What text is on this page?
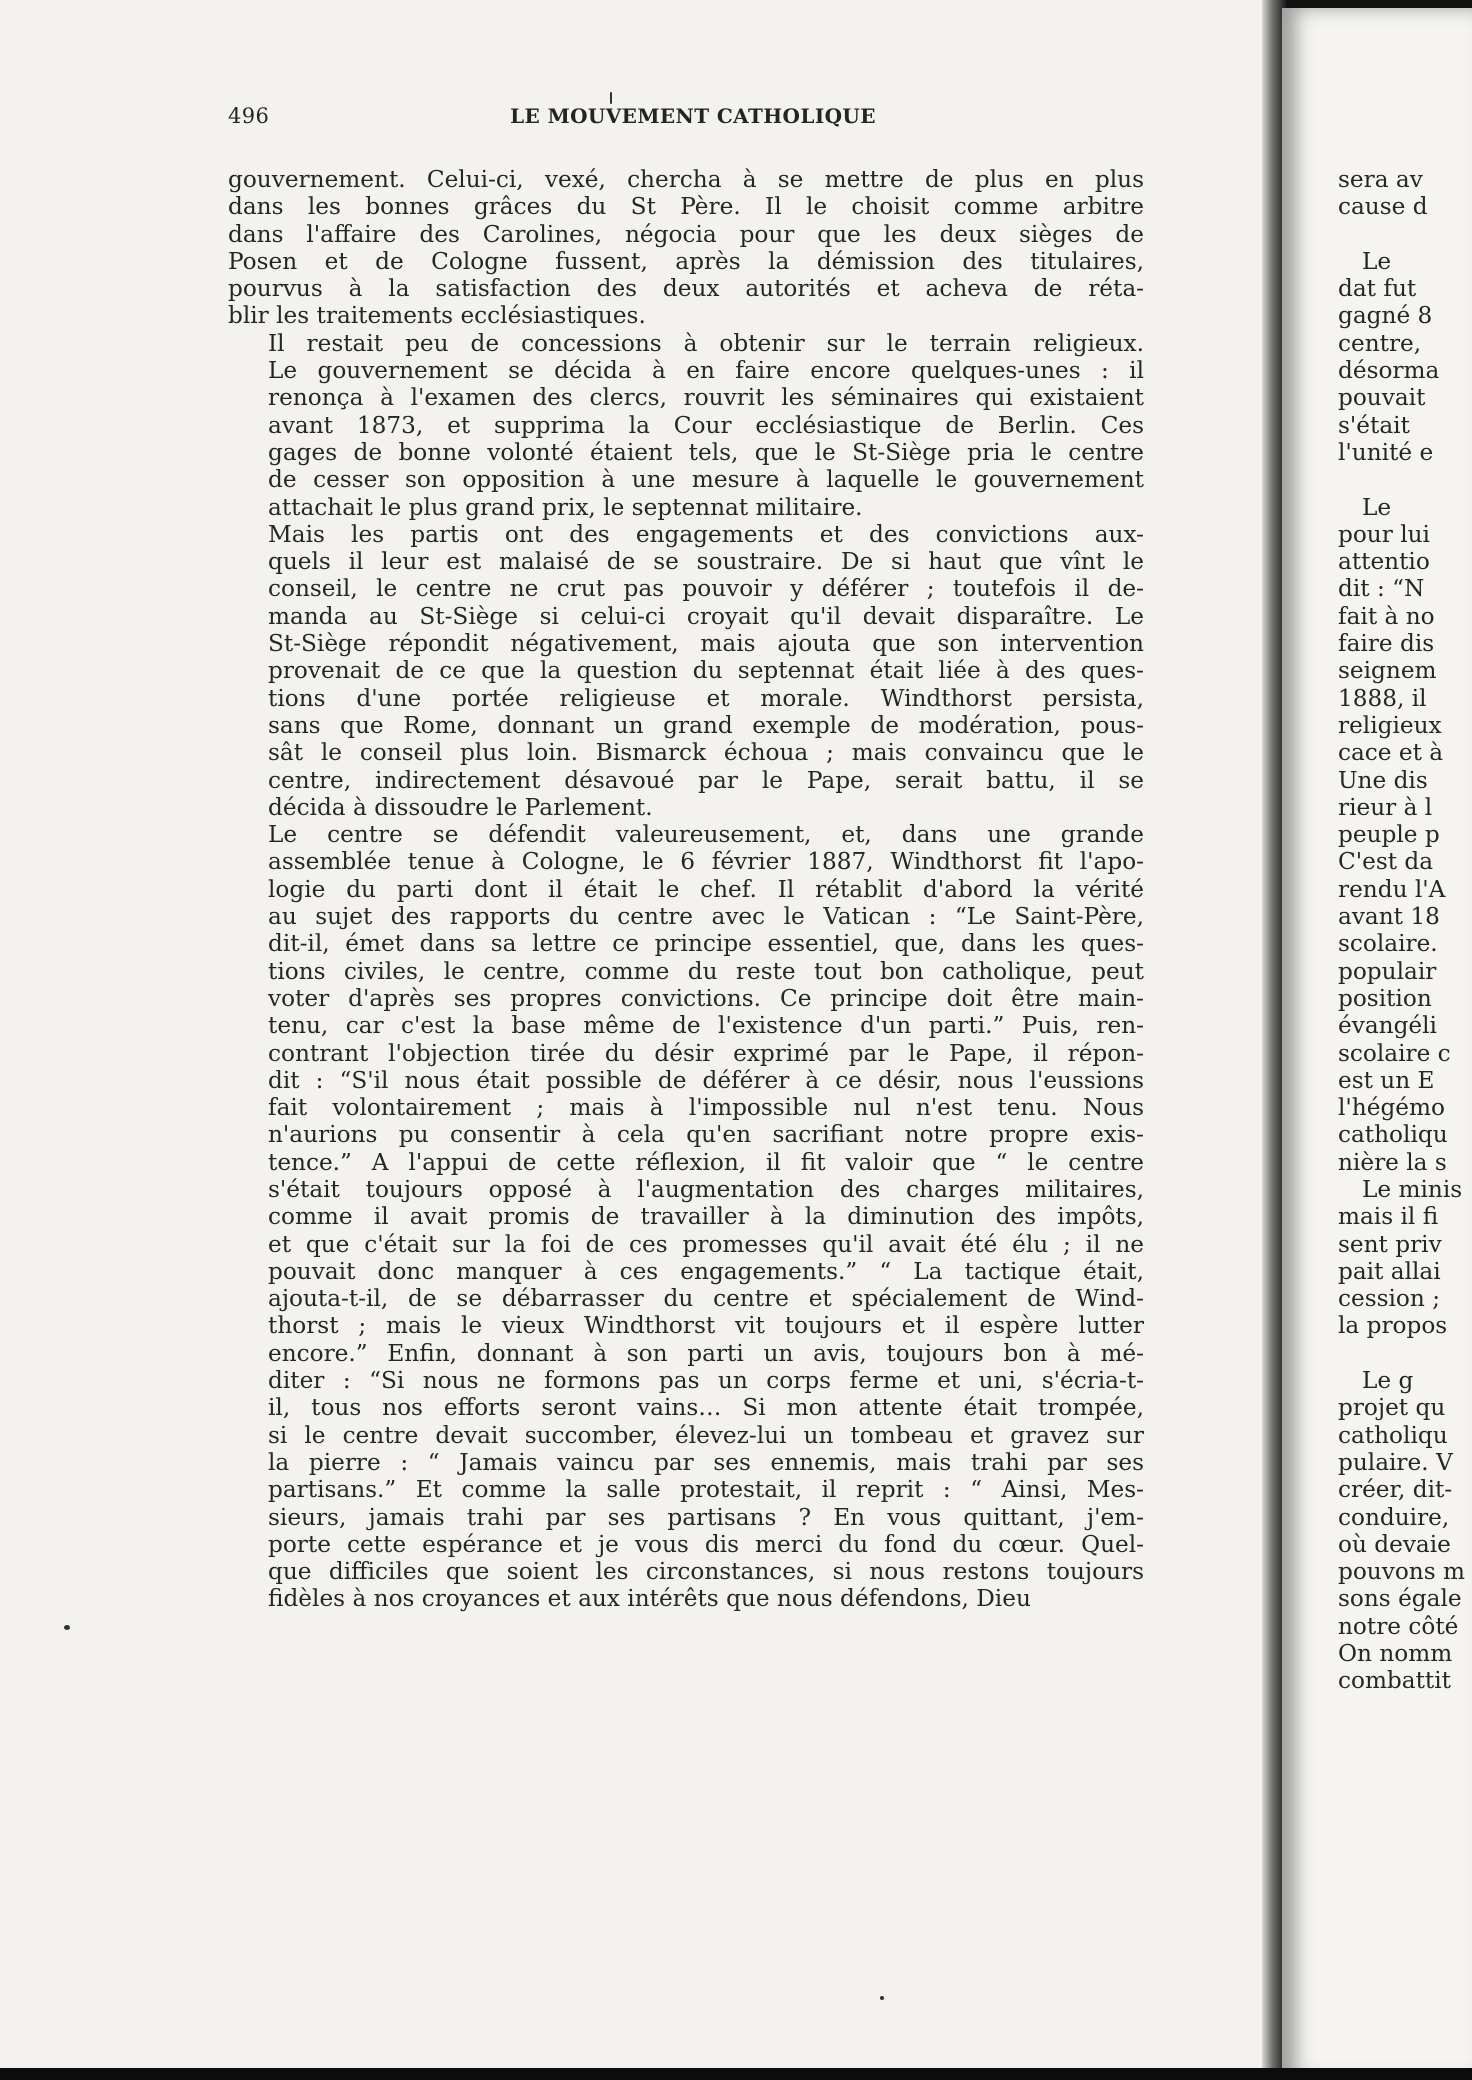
496	LE MOUVEMENT CATHOLIQUE

gouvernement. Celui-ci, vexé, chercha à se mettre de plus en plus
dans les bonnes grâces du St Père. Il le choisit comme arbitre
dans l'affaire des Carolines, négocia pour que les deux sièges de
Posen et de Cologne fussent, après la démission des titulaires,
pourvus à la satisfaction des deux autorités et acheva de réta-
blir les traitements ecclésiastiques.

Il restait peu de concessions à obtenir sur le terrain religieux.
Le gouvernement se décida à en faire encore quelques-unes : il
renonça à l'examen des clercs, rouvrit les séminaires qui existaient
avant 1873, et supprima la Cour ecclésiastique de Berlin. Ces
gages de bonne volonté étaient tels, que le St-Siège pria le centre
de cesser son opposition à une mesure à laquelle le gouvernement
attachait le plus grand prix, le septennat militaire.

Mais les partis ont des engagements et des convictions aux-
quels il leur est malaisé de se soustraire. De si haut que vînt le
conseil, le centre ne crut pas pouvoir y déférer ; toutefois il de-
manda au St-Siège si celui-ci croyait qu'il devait disparaître. Le
St-Siège répondit négativement, mais ajouta que son intervention
provenait de ce que la question du septennat était liée à des ques-
tions d'une portée religieuse et morale. Windthorst persista,
sans que Rome, donnant un grand exemple de modération, pous-
sât le conseil plus loin. Bismarck échoua ; mais convaincu que le
centre, indirectement désavoué par le Pape, serait battu, il se
décida à dissoudre le Parlement.

Le centre se défendit valeureusement, et, dans une grande
assemblée tenue à Cologne, le 6 février 1887, Windthorst fit l'apo-
logie du parti dont il était le chef. Il rétablit d'abord la vérité
au sujet des rapports du centre avec le Vatican : “Le Saint-Père,
dit-il, émet dans sa lettre ce principe essentiel, que, dans les ques-
tions civiles, le centre, comme du reste tout bon catholique, peut
voter d'après ses propres convictions. Ce principe doit être main-
tenu, car c'est la base même de l'existence d'un parti.” Puis, ren-
contrant l'objection tirée du désir exprimé par le Pape, il répon-
dit : “S'il nous était possible de déférer à ce désir, nous l'eussions
fait volontairement ; mais à l'impossible nul n'est tenu. Nous
n'aurions pu consentir à cela qu'en sacrifiant notre propre exis-
tence.” A l'appui de cette réflexion, il fit valoir que “ le centre
s'était toujours opposé à l'augmentation des charges militaires,
comme il avait promis de travailler à la diminution des impôts,
et que c'était sur la foi de ces promesses qu'il avait été élu ; il ne
pouvait donc manquer à ces engagements.” “ La tactique était,
ajouta-t-il, de se débarrasser du centre et spécialement de Wind-
thorst ; mais le vieux Windthorst vit toujours et il espère lutter
encore.” Enfin, donnant à son parti un avis, toujours bon à mé-
diter : “Si nous ne formons pas un corps ferme et uni, s'écria-t-
il, tous nos efforts seront vains… Si mon attente était trompée,
si le centre devait succomber, élevez-lui un tombeau et gravez sur
la pierre : “ Jamais vaincu par ses ennemis, mais trahi par ses
partisans.” Et comme la salle protestait, il reprit : “ Ainsi, Mes-
sieurs, jamais trahi par ses partisans ? En vous quittant, j'em-
porte cette espérance et je vous dis merci du fond du cœur. Quel-
que difficiles que soient les circonstances, si nous restons toujours
fidèles à nos croyances et aux intérêts que nous défendons, Dieu

sera av
cause d
Le
dat fut
gagné 8
centre,
désorma
pouvait
s'était
l'unité e
Le
pour lui
attentio
dit : “N
fait à no
faire dis
seignem
1888, il
religieux
cace et à
Une dis
rieur à l
peuple p
C'est da
rendu l'A
avant 18
scolaire.
populair
position
évangéli
scolaire c
est un E
l'hégémo
catholiqu
nière la s
Le minis
mais il fi
sent priv
pait allai
cession ;
la propos
Le g
projet qu
catholiqu
pulaire. V
créer, dit-
conduire,
où devaie
pouvons m
sons égale
notre côté
On nomm
combattit
